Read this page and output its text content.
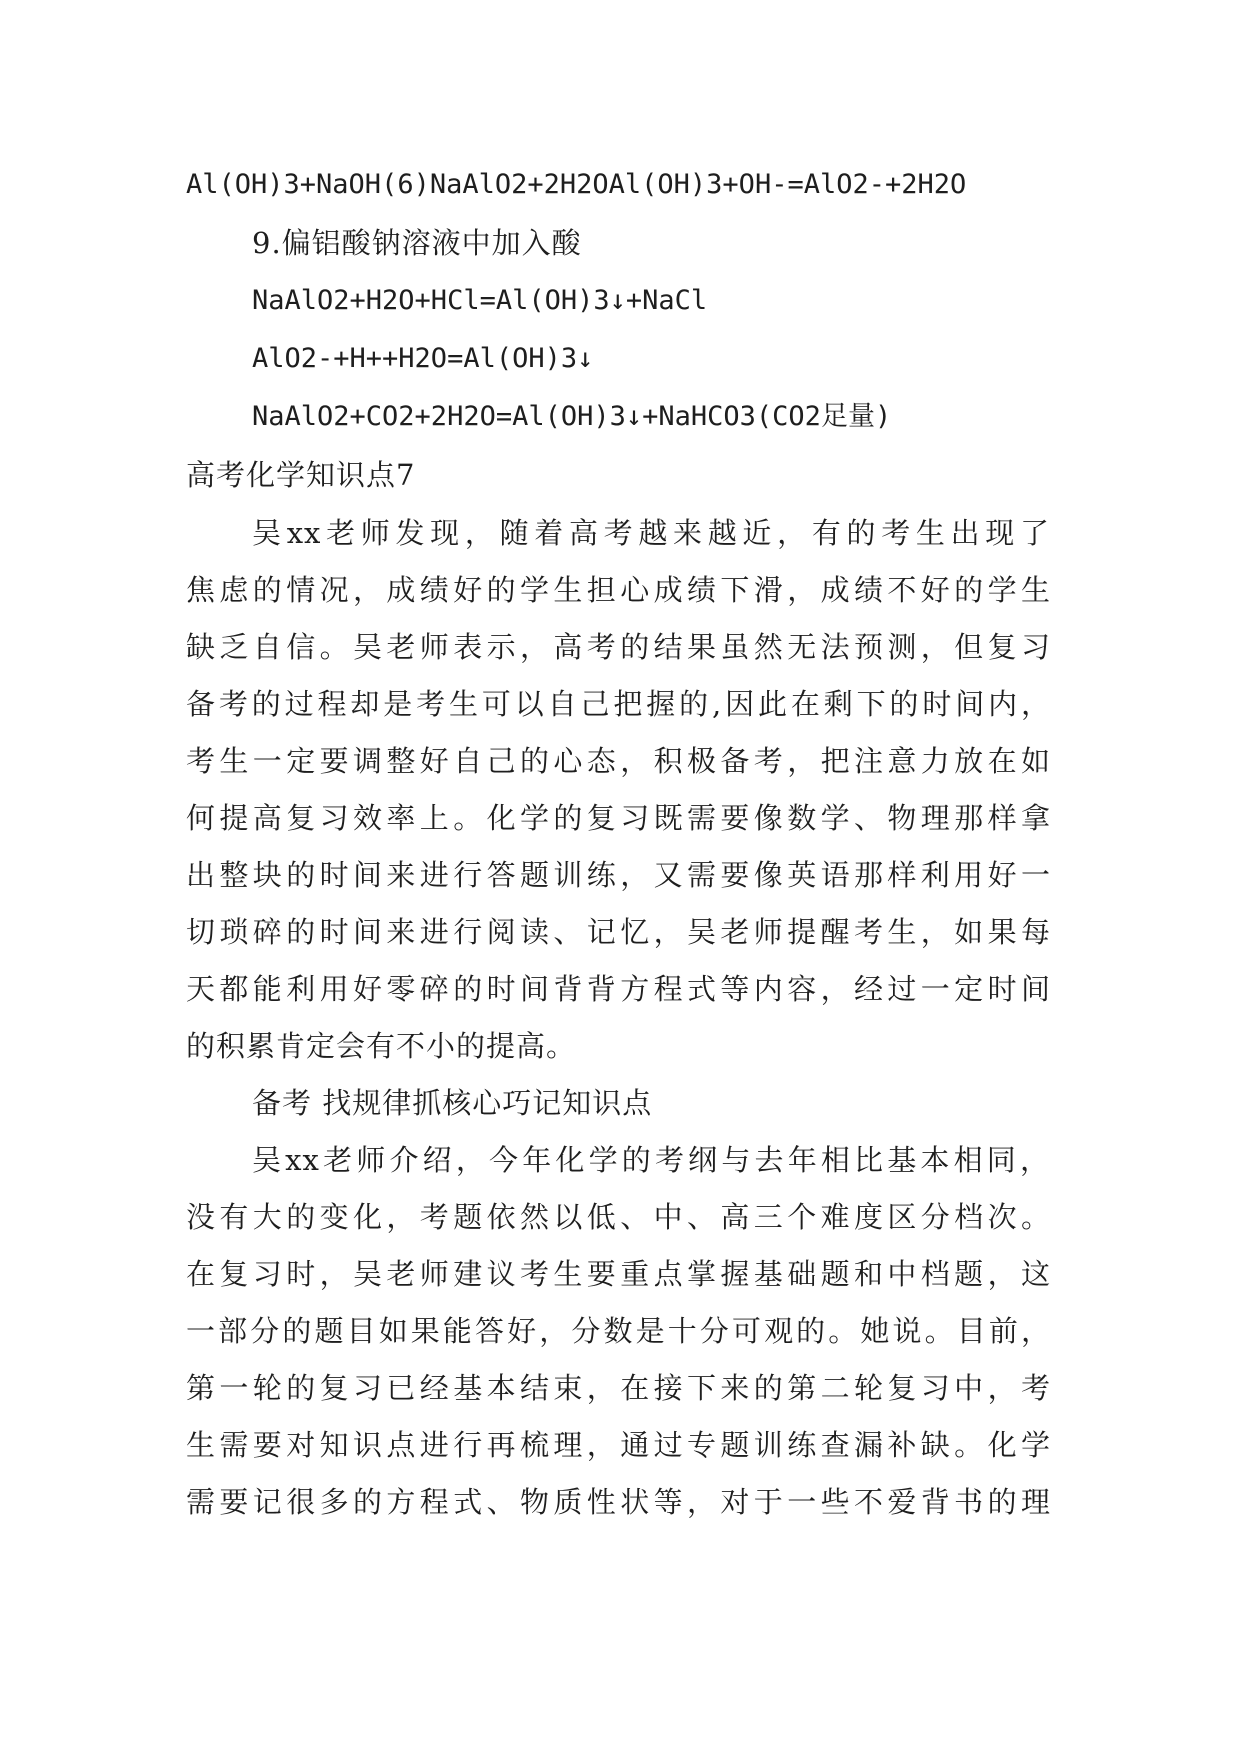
Al(OH)3+NaOH(6)NaAlO2+2H2OAl(OH)3+OH-=AlO2-+2H2O
9.偏铝酸钠溶液中加入酸
NaAlO2+H2O+HCl=Al(OH)3↓+NaCl
AlO2-+H++H2O=Al(OH)3↓
NaAlO2+CO2+2H2O=Al(OH)3↓+NaHCO3(CO2足量)
高考化学知识点7
吴xx老师发现，随着高考越来越近，有的考生出现了
焦虑的情况，成绩好的学生担心成绩下滑，成绩不好的学生
缺乏自信。吴老师表示，高考的结果虽然无法预测，但复习
备考的过程却是考生可以自己把握的,因此在剩下的时间内，
考生一定要调整好自己的心态，积极备考，把注意力放在如
何提高复习效率上。化学的复习既需要像数学、物理那样拿
出整块的时间来进行答题训练，又需要像英语那样利用好一
切琐碎的时间来进行阅读、记忆，吴老师提醒考生，如果每
天都能利用好零碎的时间背背方程式等内容，经过一定时间
的积累肯定会有不小的提高。
备考 找规律抓核心巧记知识点
吴xx老师介绍，今年化学的考纲与去年相比基本相同，
没有大的变化，考题依然以低、中、高三个难度区分档次。
在复习时，吴老师建议考生要重点掌握基础题和中档题，这
一部分的题目如果能答好，分数是十分可观的。她说。目前，
第一轮的复习已经基本结束，在接下来的第二轮复习中，考
生需要对知识点进行再梳理，通过专题训练查漏补缺。化学
需要记很多的方程式、物质性状等，对于一些不爱背书的理
